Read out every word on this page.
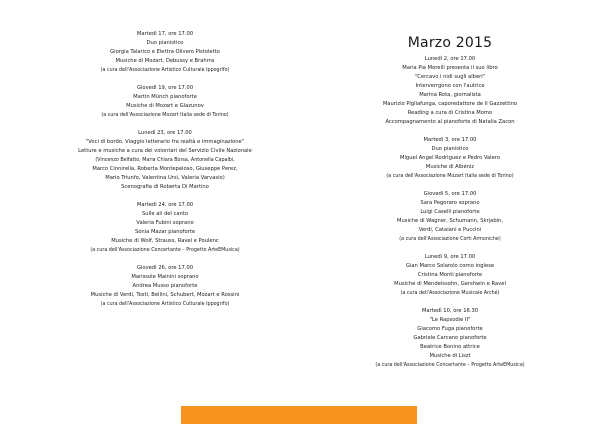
Martedì 17, ore 17.00
Duo pianistico
Giorgia Talarico e Elettra Olivero Pistoletto
Musiche di Mozart, Debussy e Brahms
(a cura dell'Associazione Artistico Culturale Ippogrifo)
Giovedì 19, ore 17.00
Martin Münch pianoforte
Musiche di Mozart e Glazunov
(a cura dell'Associazione Mozart Italia sede di Torino)
Lunedì 23, ore 17.00
"Voci di bordo. Viaggio letterario fra realtà e immaginazione"
Letture e musiche a cura dei volontari del Servizio Civile Nazionale
(Vincenzo Belfatto, Maria Chiara Borsa, Antonella Capalbi,
Marco Cinnirella, Roberta Montepeloso, Giuseppe Perez,
Mario Triunfo, Valentina Ursi, Valeria Varvasio)
Scenografia di Roberta Di Martino
Martedì 24, ore 17.00
Sulle ali del canto
Valeria Fubini soprano
Sonia Mazar pianoforte
Musiche di Wolf, Strauss, Ravel e Poulenc
(a cura dell'Associazione Concertante – Progetto ArteEMusica)
Giovedì 26, ore 17.00
Marissole Mainini soprano
Andrea Musso pianoforte
Musiche di Verdi, Tosti, Bellini, Schubert, Mozart e Rossini
(a cura dell'Associazione Artistico Culturale Ippogrifo)
Marzo 2015
Lunedì 2, ore 17.00
Maria Pia Morelli presenta il suo libro
"Cercavo i nidi sugli alberi"
Interverrgono con l'autrice
Marina Rota, giornalista
Maurizio Pigliafunga, caporedattore de Il Gazzettino
Reading a cura di Cristina Momo
Accompagnamento al pianoforte di Natalia Zacon
Martedì 3, ore 17.00
Duo pianistico
Miguel Angel Rodriguez e Pedro Valero
Musiche di Albéniz
(a cura dell'Associazione Mozart Italia sede di Torino)
Giovedì 5, ore 17.00
Sara Pegoraro soprano
Luigi Caselli pianoforte
Musiche di Wagner, Schumann, Skrjabin,
Verdi, Catalani e Puccini
(a cura dell'Associazione Corti Armoniche)
Lunedì 9, ore 17.00
Gian Marco Solarolo corno inglese
Cristina Monti pianoforte
Musiche di Mendelssohn, Gershwin e Ravel
(a cura dell'Associazione Musicale Arché)
Martedì 10, ore 16.30
"Le Rapsodie II"
Giacomo Fuga pianoforte
Gabriele Carcano pianoforte
Beatrice Bonino attrice
Musiche di Liszt
(a cura dell'Associazione Concertante – Progetto ArteEMusica)
